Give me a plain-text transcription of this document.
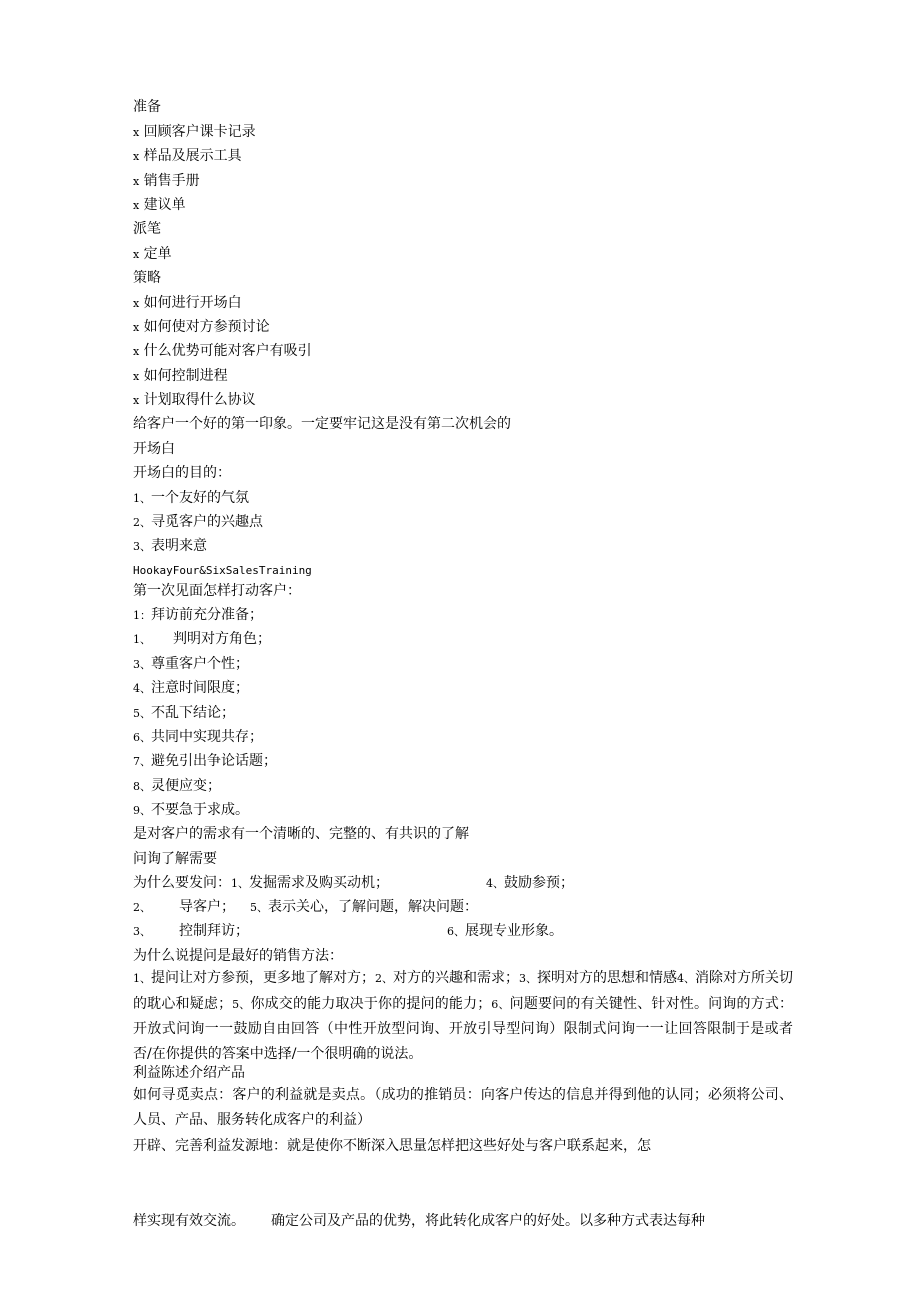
准备
x 回顾客户课卡记录
x 样品及展示工具
x 销售手册
x 建议单
派笔
x 定单
策略
x 如何进行开场白
x 如何使对方参预讨论
x 什么优势可能对客户有吸引
x 如何控制进程
x 计划取得什么协议
给客户一个好的第一印象。一定要牢记这是没有第二次机会的
开场白
开场白的目的：
1、一个友好的气氛
2、寻觅客户的兴趣点
3、表明来意
HookayFour&SixSalesTraining
第一次见面怎样打动客户：
1：拜访前充分准备；
1、 判明对方角色；
3、尊重客户个性；
4、注意时间限度；
5、不乱下结论；
6、共同中实现共存；
7、避免引出争论话题；
8、灵便应变；
9、不要急于求成。
是对客户的需求有一个清晰的、完整的、有共识的了解
问询了解需要
为什么要发问：1、发掘需求及购买动机；	4、鼓励参预；
2、 导客户； 5、表示关心，了解问题，解决问题：
3、 控制拜访；	6、展现专业形象。
为什么说提问是最好的销售方法：
1、提问让对方参预，更多地了解对方；2、对方的兴趣和需求；3、探明对方的思想和情感4、消除对方所关切的耽心和疑虑；5、你成交的能力取决于你的提问的能力；6、问题要问的有关键性、针对性。问询的方式：开放式问询一一鼓励自由回答（中性开放型问询、开放引导型问询）限制式问询一一让回答限制于是或者否/在你提供的答案中选择/一个很明确的说法。
利益陈述介绍产品
如何寻觅卖点：客户的利益就是卖点。（成功的推销员：向客户传达的信息并得到他的认同；必须将公司、人员、产品、服务转化成客户的利益）
开辟、完善利益发源地：就是使你不断深入思量怎样把这些好处与客户联系起来，怎
样实现有效交流。 确定公司及产品的优势，将此转化成客户的好处。以多种方式表达每种
